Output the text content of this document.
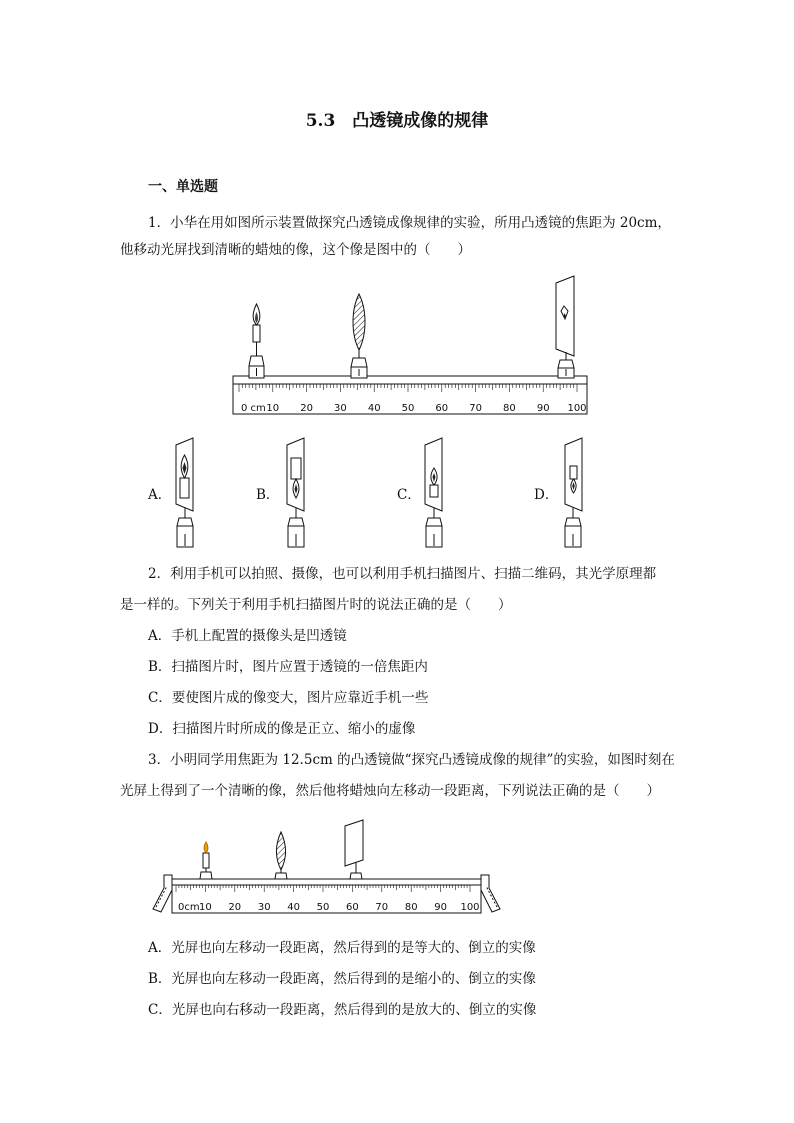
5.3　凸透镜成像的规律
一、单选题
1．小华在用如图所示装置做探究凸透镜成像规律的实验，所用凸透镜的焦距为 20cm，
他移动光屏找到清晰的蜡烛的像，这个像是图中的（　　）
0 cm 10 20 30 40 50 60 70 80 90 100
A．	B．	C．	D．
2．利用手机可以拍照、摄像，也可以利用手机扫描图片、扫描二维码，其光学原理都
是一样的。下列关于利用手机扫描图片时的说法正确的是（　　）
A．手机上配置的摄像头是凹透镜
B．扫描图片时，图片应置于透镜的一倍焦距内
C．要使图片成的像变大，图片应靠近手机一些
D．扫描图片时所成的像是正立、缩小的虚像
3．小明同学用焦距为 12.5cm 的凸透镜做“探究凸透镜成像的规律”的实验，如图时刻在
光屏上得到了一个清晰的像，然后他将蜡烛向左移动一段距离，下列说法正确的是（　　）
0cm 10 20 30 40 50 60 70 80 90 100
A．光屏也向左移动一段距离，然后得到的是等大的、倒立的实像
B．光屏也向左移动一段距离，然后得到的是缩小的、倒立的实像
C．光屏也向右移动一段距离，然后得到的是放大的、倒立的实像
